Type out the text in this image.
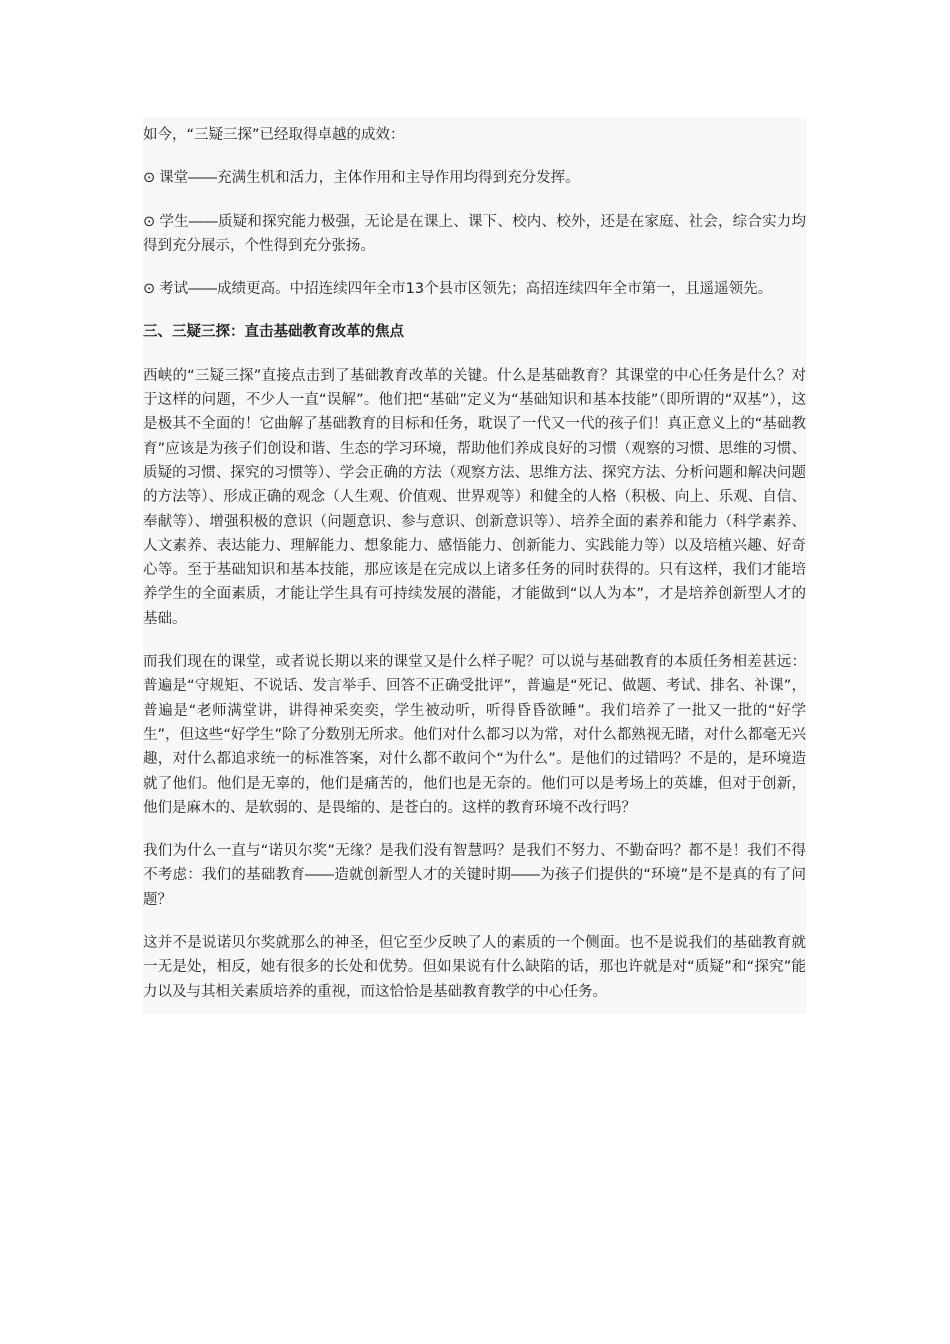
如今，“三疑三探”已经取得卓越的成效：

⊙ 课堂――充满生机和活力，主体作用和主导作用均得到充分发挥。

⊙ 学生――质疑和探究能力极强，无论是在课上、课下、校内、校外，还是在家庭、社会，综合实力均得到充分展示，个性得到充分张扬。

⊙ 考试――成绩更高。中招连续四年全市13个县市区领先；高招连续四年全市第一，且遥遥领先。

三、三疑三探：直击基础教育改革的焦点

西峡的“三疑三探”直接点击到了基础教育改革的关键。什么是基础教育？其课堂的中心任务是什么？对于这样的问题，不少人一直“误解”。他们把“基础”定义为“基础知识和基本技能”（即所谓的“双基”），这是极其不全面的！它曲解了基础教育的目标和任务，耽误了一代又一代的孩子们！真正意义上的“基础教育”应该是为孩子们创设和谐、生态的学习环境，帮助他们养成良好的习惯（观察的习惯、思维的习惯、质疑的习惯、探究的习惯等）、学会正确的方法（观察方法、思维方法、探究方法、分析问题和解决问题的方法等）、形成正确的观念（人生观、价值观、世界观等）和健全的人格（积极、向上、乐观、自信、奉献等）、增强积极的意识（问题意识、参与意识、创新意识等）、培养全面的素养和能力（科学素养、人文素养、表达能力、理解能力、想象能力、感悟能力、创新能力、实践能力等）以及培植兴趣、好奇心等。至于基础知识和基本技能，那应该是在完成以上诸多任务的同时获得的。只有这样，我们才能培养学生的全面素质，才能让学生具有可持续发展的潜能，才能做到“以人为本”，才是培养创新型人才的基础。

而我们现在的课堂，或者说长期以来的课堂又是什么样子呢？可以说与基础教育的本质任务相差甚远：普遍是“守规矩、不说话、发言举手、回答不正确受批评”，普遍是“死记、做题、考试、排名、补课”，普遍是“老师满堂讲，讲得神采奕奕，学生被动听，听得昏昏欲睡”。我们培养了一批又一批的“好学生”，但这些“好学生”除了分数别无所求。他们对什么都习以为常，对什么都熟视无睹，对什么都毫无兴趣，对什么都追求统一的标准答案，对什么都不敢问个“为什么”。是他们的过错吗？不是的，是环境造就了他们。他们是无辜的，他们是痛苦的，他们也是无奈的。他们可以是考场上的英雄，但对于创新，他们是麻木的、是软弱的、是畏缩的、是苍白的。这样的教育环境不改行吗？

我们为什么一直与“诺贝尔奖”无缘？是我们没有智慧吗？是我们不努力、不勤奋吗？都不是！我们不得不考虑：我们的基础教育――造就创新型人才的关键时期――为孩子们提供的“环境”是不是真的有了问题？

这并不是说诺贝尔奖就那么的神圣，但它至少反映了人的素质的一个侧面。也不是说我们的基础教育就一无是处，相反，她有很多的长处和优势。但如果说有什么缺陷的话，那也许就是对“质疑”和“探究”能力以及与其相关素质培养的重视，而这恰恰是基础教育教学的中心任务。
